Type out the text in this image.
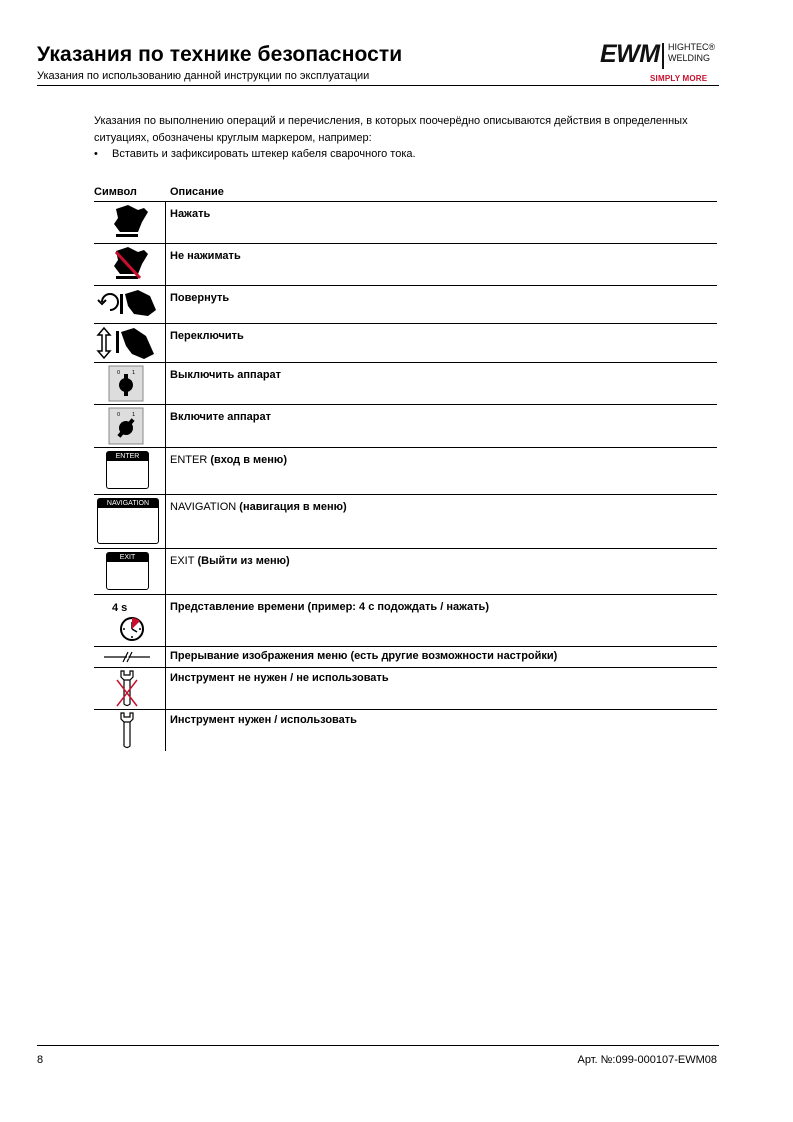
Указания по технике безопасности
Указания по использованию данной инструкции по эксплуатации
EWM HIGHTEC®
WELDING
SIMPLY MORE
Указания по выполнению операций и перечисления, в которых поочерёдно описываются действия в определенных ситуациях, обозначены круглым маркером, например:
• Вставить и зафиксировать штекер кабеля сварочного тока.
Символ	Описание
Нажать
Не нажимать
Повернуть
Переключить
0 1	Выключить аппарат
0 1	Включите аппарат
ENTER	ENTER (вход в меню)
NAVIGATION	NAVIGATION (навигация в меню)
EXIT	EXIT (Выйти из меню)
4 s	Представление времени (пример: 4 с подождать / нажать)
Прерывание изображения меню (есть другие возможности настройки)
Инструмент не нужен / не использовать
Инструмент нужен / использовать
8	Арт. №:099-000107-EWM08
